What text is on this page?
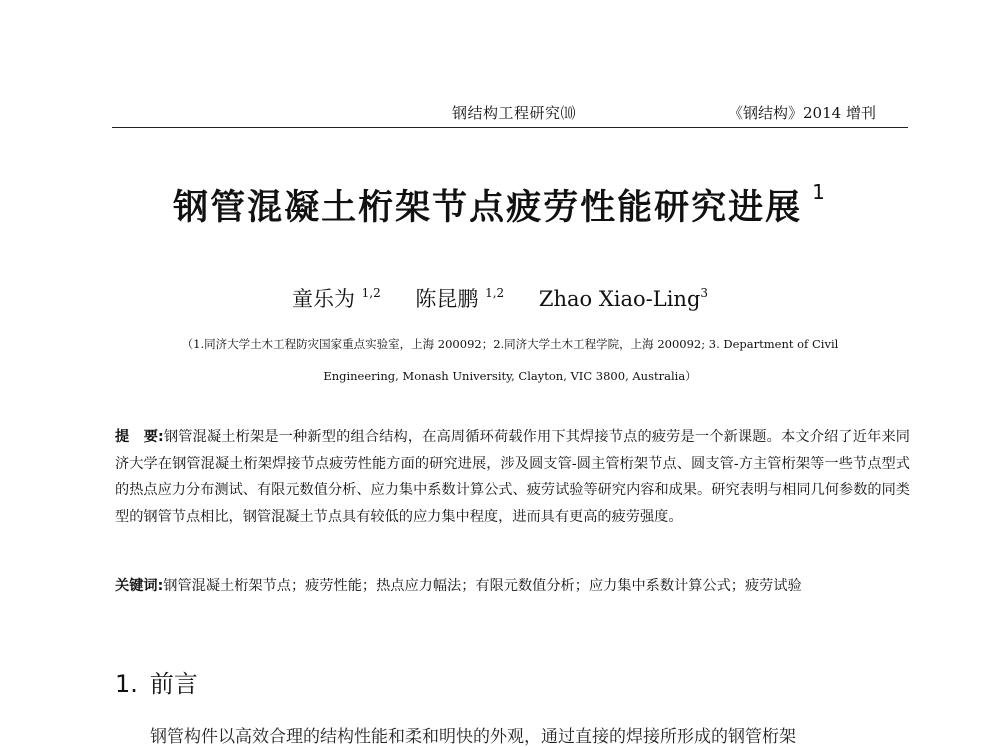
钢结构工程研究⑽	《钢结构》2014 增刊
钢管混凝土桁架节点疲劳性能研究进展 $^1$
童乐为 $^{1,2}$ 陈昆鹏 $^{1,2}$ Zhao Xiao-Ling$^3$
（1.同济大学土木工程防灾国家重点实验室，上海 200092；2.同济大学土木工程学院，上海 200092; 3. Department of Civil
Engineering, Monash University, Clayton, VIC 3800, Australia）
提　要:钢管混凝土桁架是一种新型的组合结构，在高周循环荷载作用下其焊接节点的疲劳是一个新课题。本文介绍了近年来同济大学在钢管混凝土桁架焊接节点疲劳性能方面的研究进展，涉及圆支管-圆主管桁架节点、圆支管-方主管桁架等一些节点型式的热点应力分布测试、有限元数值分析、应力集中系数计算公式、疲劳试验等研究内容和成果。研究表明与相同几何参数的同类型的钢管节点相比，钢管混凝土节点具有较低的应力集中程度，进而具有更高的疲劳强度。
关键词:钢管混凝土桁架节点；疲劳性能；热点应力幅法；有限元数值分析；应力集中系数计算公式；疲劳试验
1. 前言
钢管构件以高效合理的结构性能和柔和明快的外观，通过直接的焊接所形成的钢管桁架
